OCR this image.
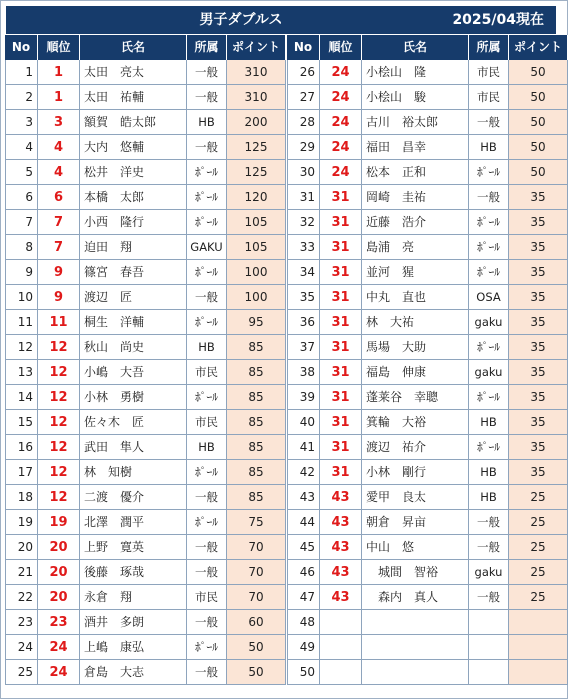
男子ダブルス	2025/04現在
No	順位	氏名	所属	ポイント	No	順位	氏名	所属	ポイント
1	1	太田　亮太	一般	310
2	1	太田　祐輔	一般	310
3	3	額賀　皓太郎	HB	200
4	4	大内　悠輔	一般	125
5	4	松井　洋史	ﾎﾟｰﾙ	125
6	6	本橋　太郎	ﾎﾟｰﾙ	120
7	7	小西　隆行	ﾎﾟｰﾙ	105
8	7	迫田　翔	GAKU	105
9	9	篠宮　春吾	ﾎﾟｰﾙ	100
10	9	渡辺　匠	一般	100
11	11	桐生　洋輔	ﾎﾟｰﾙ	95
12	12	秋山　尚史	HB	85
13	12	小嶋　大吾	市民	85
14	12	小林　勇樹	ﾎﾟｰﾙ	85
15	12	佐々木　匠	市民	85
16	12	武田　隼人	HB	85
17	12	林　知樹	ﾎﾟｰﾙ	85
18	12	二渡　優介	一般	85
19	19	北澤　潤平	ﾎﾟｰﾙ	75
20	20	上野　寛英	一般	70
21	20	後藤　琢哉	一般	70
22	20	永倉　翔	市民	70
23	23	酒井　多朗	一般	60
24	24	上嶋　康弘	ﾎﾟｰﾙ	50
25	24	倉島　大志	一般	50
26	24	小桧山　隆	市民	50
27	24	小桧山　駿	市民	50
28	24	古川　裕太郎	一般	50
29	24	福田　昌幸	HB	50
30	24	松本　正和	ﾎﾟｰﾙ	50
31	31	岡崎　圭祐	一般	35
32	31	近藤　浩介	ﾎﾟｰﾙ	35
33	31	島浦　亮	ﾎﾟｰﾙ	35
34	31	並河　猩	ﾎﾟｰﾙ	35
35	31	中丸　直也	OSA	35
36	31	林　大祐	gaku	35
37	31	馬場　大助	ﾎﾟｰﾙ	35
38	31	福島　伸康	gaku	35
39	31	蓬莱谷　幸聰	ﾎﾟｰﾙ	35
40	31	箕輪　大裕	HB	35
41	31	渡辺　祐介	ﾎﾟｰﾙ	35
42	31	小林　剛行	HB	35
43	43	愛甲　良太	HB	25
44	43	朝倉　昇亩	一般	25
45	43	中山　悠	一般	25
46	43	　城間　智裕	gaku	25
47	43	　森内　真人	一般	25
48
49
50
